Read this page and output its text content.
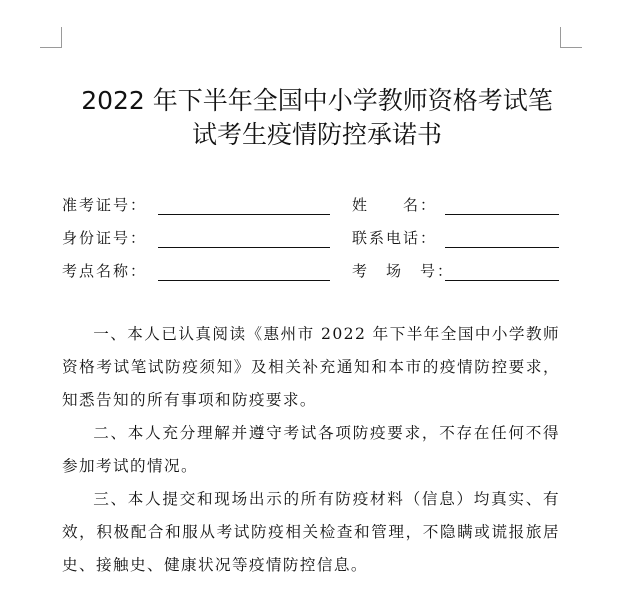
2022 年下半年全国中小学教师资格考试笔
试考生疫情防控承诺书
准考证号：	姓　　名：
身份证号：	联系电话：
考点名称：	考　场　号：

一、本人已认真阅读《惠州市 2022 年下半年全国中小学教师资格考试笔试防疫须知》及相关补充通知和本市的疫情防控要求，知悉告知的所有事项和防疫要求。

二、本人充分理解并遵守考试各项防疫要求，不存在任何不得参加考试的情况。

三、本人提交和现场出示的所有防疫材料（信息）均真实、有效，积极配合和服从考试防疫相关检查和管理，不隐瞒或谎报旅居史、接触史、健康状况等疫情防控信息。
